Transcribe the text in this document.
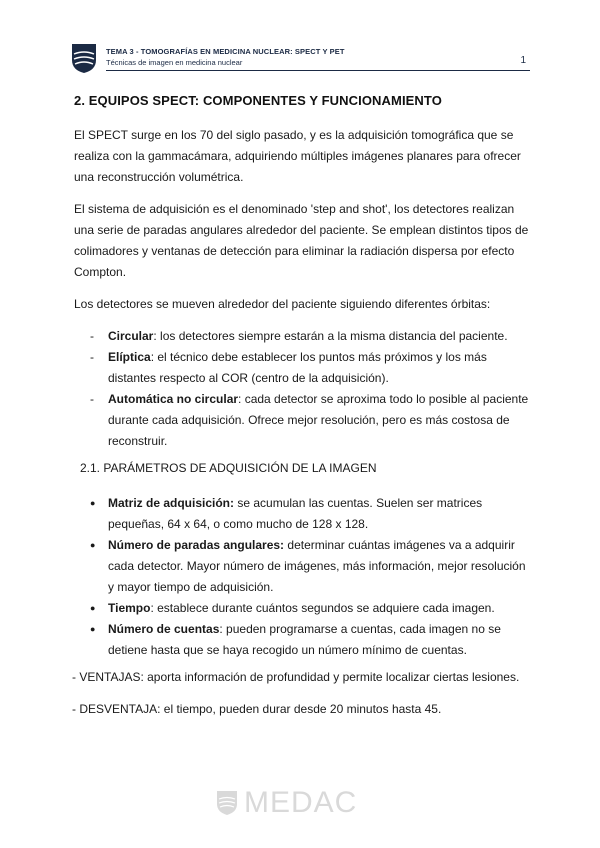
TEMA 3 - TOMOGRAFÍAS EN MEDICINA NUCLEAR: SPECT Y PET
Técnicas de imagen en medicina nuclear	1
2. EQUIPOS SPECT: COMPONENTES Y FUNCIONAMIENTO

El SPECT surge en los 70 del siglo pasado, y es la adquisición tomográfica que se realiza con la gammacámara, adquiriendo múltiples imágenes planares para ofrecer una reconstrucción volumétrica.

El sistema de adquisición es el denominado 'step and shot', los detectores realizan una serie de paradas angulares alrededor del paciente. Se emplean distintos tipos de colimadores y ventanas de detección para eliminar la radiación dispersa por efecto Compton.

Los detectores se mueven alrededor del paciente siguiendo diferentes órbitas:

- Circular: los detectores siempre estarán a la misma distancia del paciente.
- Elíptica: el técnico debe establecer los puntos más próximos y los más distantes respecto al COR (centro de la adquisición).
- Automática no circular: cada detector se aproxima todo lo posible al paciente durante cada adquisición. Ofrece mejor resolución, pero es más costosa de reconstruir.
2.1. PARÁMETROS DE ADQUISICIÓN DE LA IMAGEN
● Matriz de adquisición: se acumulan las cuentas. Suelen ser matrices pequeñas, 64 x 64, o como mucho de 128 x 128.
● Número de paradas angulares: determinar cuántas imágenes va a adquirir cada detector. Mayor número de imágenes, más información, mejor resolución y mayor tiempo de adquisición.
● Tiempo: establece durante cuántos segundos se adquiere cada imagen.
● Número de cuentas: pueden programarse a cuentas, cada imagen no se detiene hasta que se haya recogido un número mínimo de cuentas.

- VENTAJAS: aporta información de profundidad y permite localizar ciertas lesiones.

- DESVENTAJA: el tiempo, pueden durar desde 20 minutos hasta 45.

MEDAC
